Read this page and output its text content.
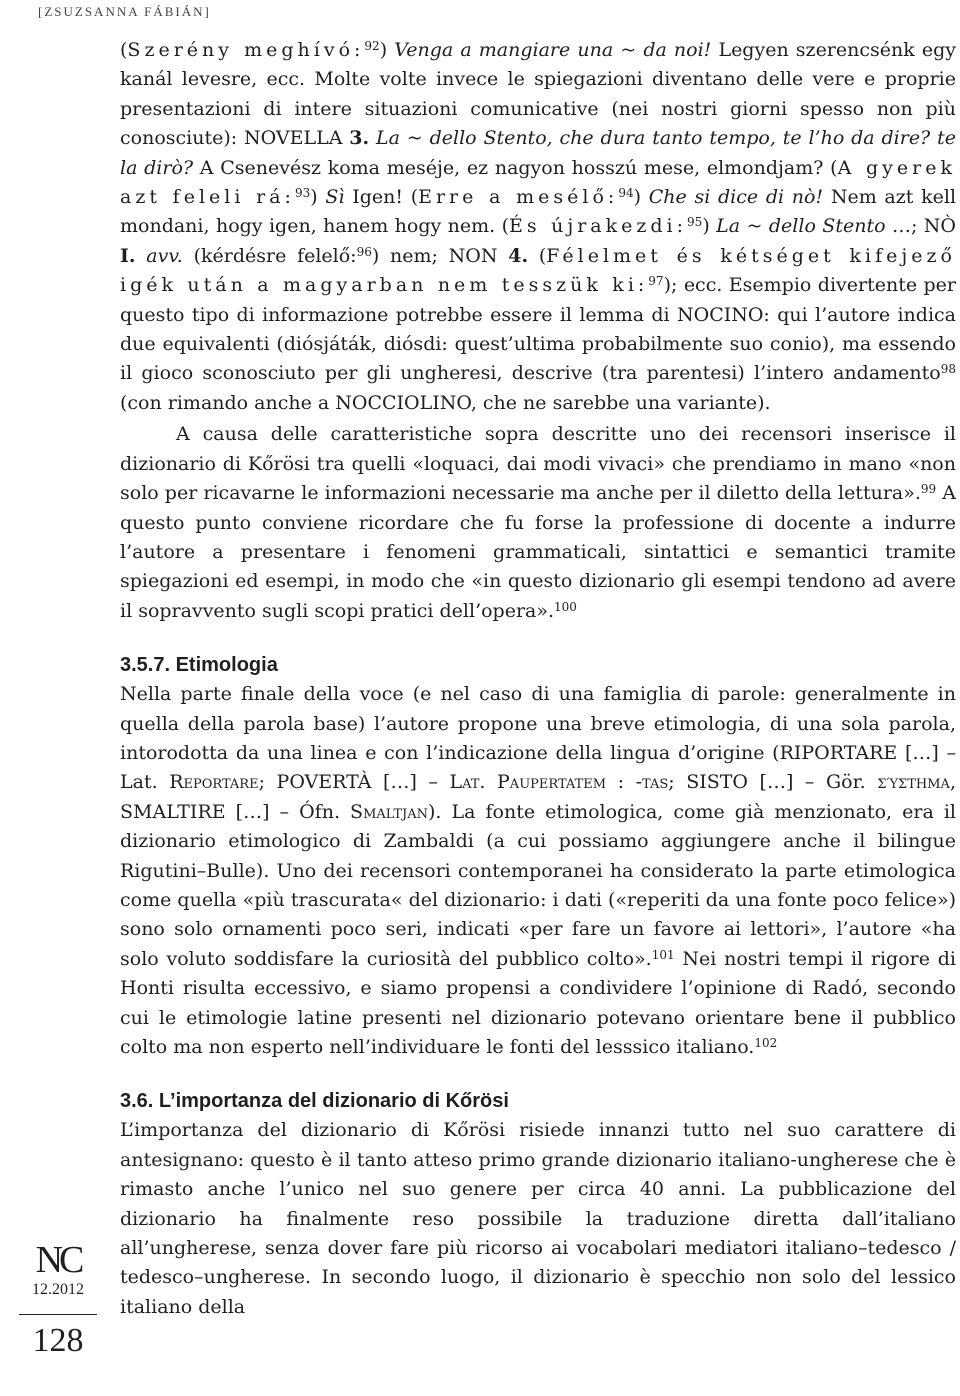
[ZSUZSANNA FÁBIÁN]

(Szerény meghívó:$^{92}$) Venga a mangiare una ~ da noi! Legyen szerencsénk egy kanál levesre, ecc. Molte volte invece le spiegazioni diventano delle vere e proprie presentazioni di intere situazioni comunicative (nei nostri giorni spesso non più conosciute): NOVELLA 3. La ~ dello Stento, che dura tanto tempo, te l’ho da dire? te la dirò? A Csenevész koma meséje, ez nagyon hosszú mese, elmondjam? (A gyerek azt feleli rá:$^{93}$) Sì Igen! (Erre a mesélő:$^{94}$) Che si dice di nò! Nem azt kell mondani, hogy igen, hanem hogy nem. (És újrakezdi:$^{95}$) La ~ dello Stento …; NÒ I. avv. (kérdésre felelő:$^{96}$) nem; NON 4. (Félelmet és kétséget kifejező igék után a magyarban nem tesszük ki:$^{97}$); ecc. Esempio divertente per questo tipo di informazione potrebbe essere il lemma di NOCINO: qui l’autore indica due equivalenti (diósjáták, diósdi: quest’ultima probabilmente suo conio), ma essendo il gioco sconosciuto per gli ungheresi, descrive (tra parentesi) l’intero andamento$^{98}$ (con rimando anche a NOCCIOLINO, che ne sarebbe una variante).

A causa delle caratteristiche sopra descritte uno dei recensori inserisce il dizionario di Kőrösi tra quelli «loquaci, dai modi vivaci» che prendiamo in mano «non solo per ricavarne le informazioni necessarie ma anche per il diletto della lettura».$^{99}$ A questo punto conviene ricordare che fu forse la professione di docente a indurre l’autore a presentare i fenomeni grammaticali, sintattici e semantici tramite spiegazioni ed esempi, in modo che «in questo dizionario gli esempi tendono ad avere il sopravvento sugli scopi pratici dell’opera».$^{100}$

3.5.7. Etimologia

Nella parte finale della voce (e nel caso di una famiglia di parole: generalmente in quella della parola base) l’autore propone una breve etimologia, di una sola parola, intorodotta da una linea e con l’indicazione della lingua d’origine (RIPORTARE […] – Lat. Reportare; POVERTÀ […] – Lat. Paupertatem : -tas; SISTO […] – Gör. σύστημα, SMALTIRE […] – Ófn. Smaltjan). La fonte etimologica, come già menzionato, era il dizionario etimologico di Zambaldi (a cui possiamo aggiungere anche il bilingue Rigutini–Bulle). Uno dei recensori contemporanei ha considerato la parte etimologica come quella «più trascurata« del dizionario: i dati («reperiti da una fonte poco felice») sono solo ornamenti poco seri, indicati «per fare un favore ai lettori», l’autore «ha solo voluto soddisfare la curiosità del pubblico colto».$^{101}$ Nei nostri tempi il rigore di Honti risulta eccessivo, e siamo propensi a condividere l’opinione di Radó, secondo cui le etimologie latine presenti nel dizionario potevano orientare bene il pubblico colto ma non esperto nell’individuare le fonti del lesssico italiano.$^{102}$

3.6. L’importanza del dizionario di Kőrösi

L’importanza del dizionario di Kőrösi risiede innanzi tutto nel suo carattere di antesignano: questo è il tanto atteso primo grande dizionario italiano-ungherese che è rimasto anche l’unico nel suo genere per circa 40 anni. La pubblicazione del dizionario ha finalmente reso possibile la traduzione diretta dall’italiano all’ungherese, senza dover fare più ricorso ai vocabolari mediatori italiano–tedesco / tedesco–ungherese. In secondo luogo, il dizionario è specchio non solo del lessico italiano della

NC
12.2012
128
